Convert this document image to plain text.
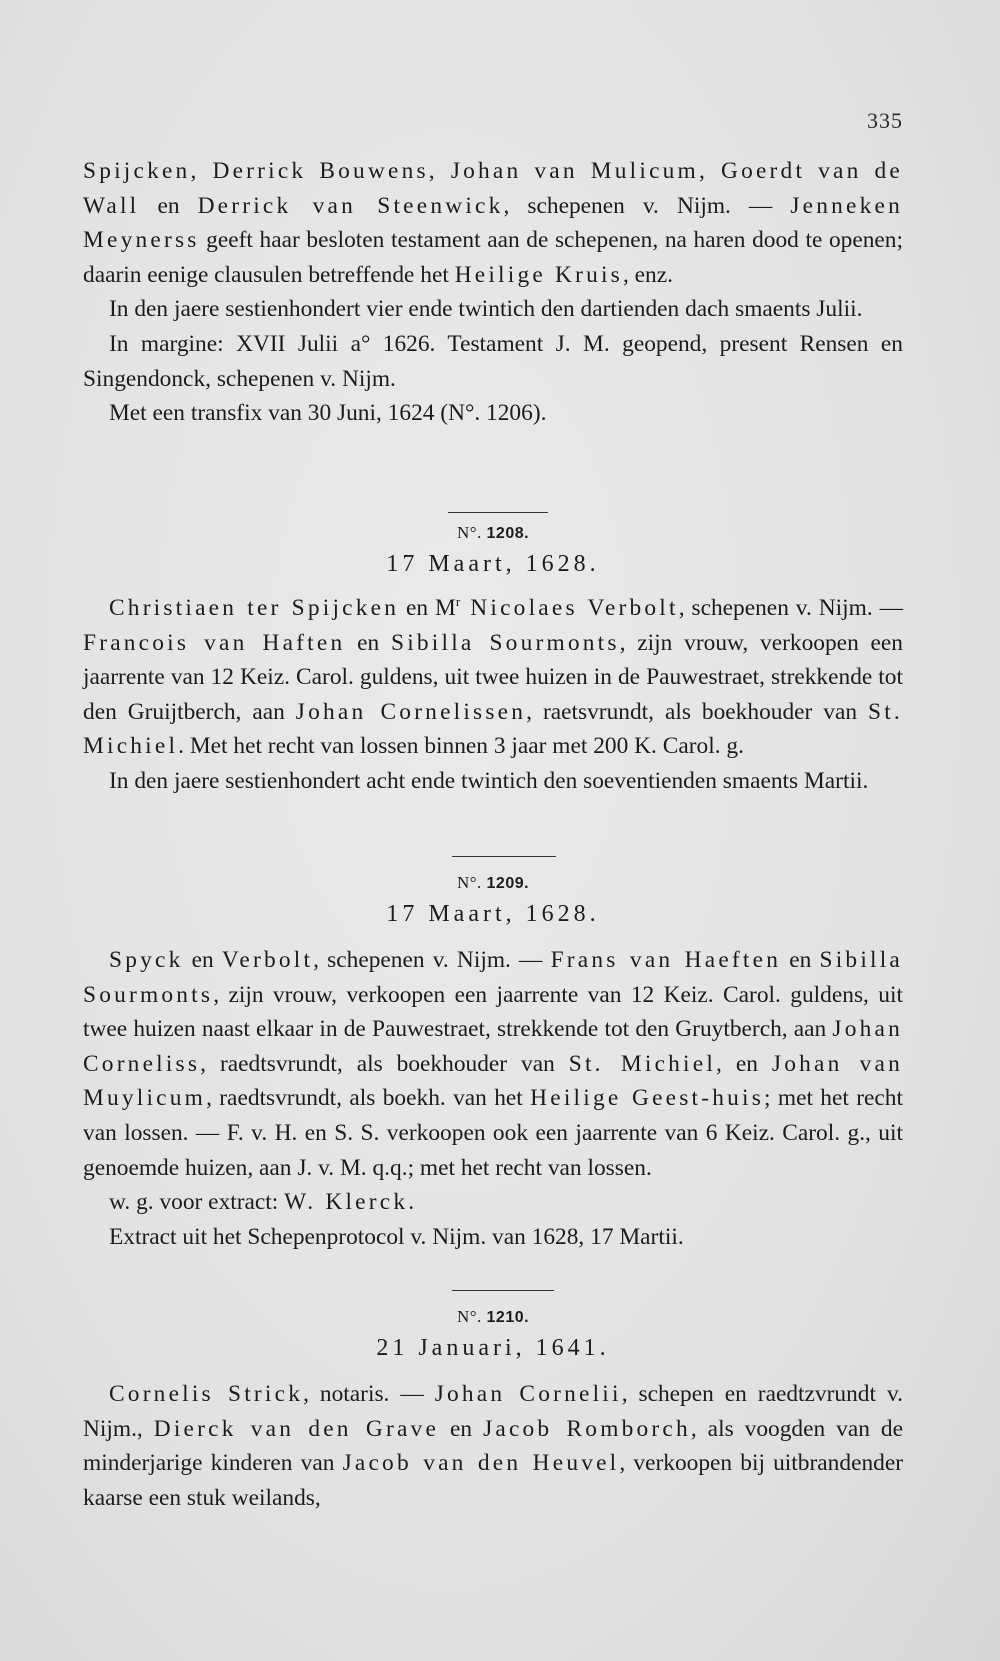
335

Spijcken, Derrick Bouwens, Johan van Mulicum, Goerdt van de Wall en Derrick van Steenwick, schepenen v. Nijm. — Jenneken Meynerss geeft haar besloten testament aan de schepenen, na haren dood te openen; daarin eenige clausulen betreffende het Heilige Kruis, enz.

In den jaere sestienhondert vier ende twintich den dartienden dach smaents Julii.

In margine: XVII Julii a° 1626. Testament J. M. geopend, present Rensen en Singendonck, schepenen v. Nijm.

Met een transfix van 30 Juni, 1624 (N°. 1206).

N°. 1208.
17 Maart, 1628.

Christiaen ter Spijcken en $M^r$ Nicolaes Verbolt, schepenen v. Nijm. — Francois van Haften en Sibilla Sourmonts, zijn vrouw, verkoopen een jaarrente van 12 Keiz. Carol. guldens, uit twee huizen in de Pauwestraet, strekkende tot den Gruijtberch, aan Johan Cornelissen, raetsvrundt, als boekhouder van St. Michiel. Met het recht van lossen binnen 3 jaar met 200 K. Carol. g.

In den jaere sestienhondert acht ende twintich den soeventienden smaents Martii.

N°. 1209.
17 Maart, 1628.

Spyck en Verbolt, schepenen v. Nijm. — Frans van Haeften en Sibilla Sourmonts, zijn vrouw, verkoopen een jaarrente van 12 Keiz. Carol. guldens, uit twee huizen naast elkaar in de Pauwestraet, strekkende tot den Gruytberch, aan Johan Corneliss, raedtsvrundt, als boekhouder van St. Michiel, en Johan van Muylicum, raedtsvrundt, als boekh. van het Heilige Geest-huis; met het recht van lossen. — F. v. H. en S. S. verkoopen ook een jaarrente van 6 Keiz. Carol. g., uit genoemde huizen, aan J. v. M. q.q.; met het recht van lossen.

w. g. voor extract: W. Klerck.

Extract uit het Schepenprotocol v. Nijm. van 1628, 17 Martii.

N°. 1210.
21 Januari, 1641.

Cornelis Strick, notaris. — Johan Cornelii, schepen en raedtzvrundt v. Nijm., Dierck van den Grave en Jacob Romborch, als voogden van de minderjarige kinderen van Jacob van den Heuvel, verkoopen bij uitbrandender kaarse een stuk weilands,
